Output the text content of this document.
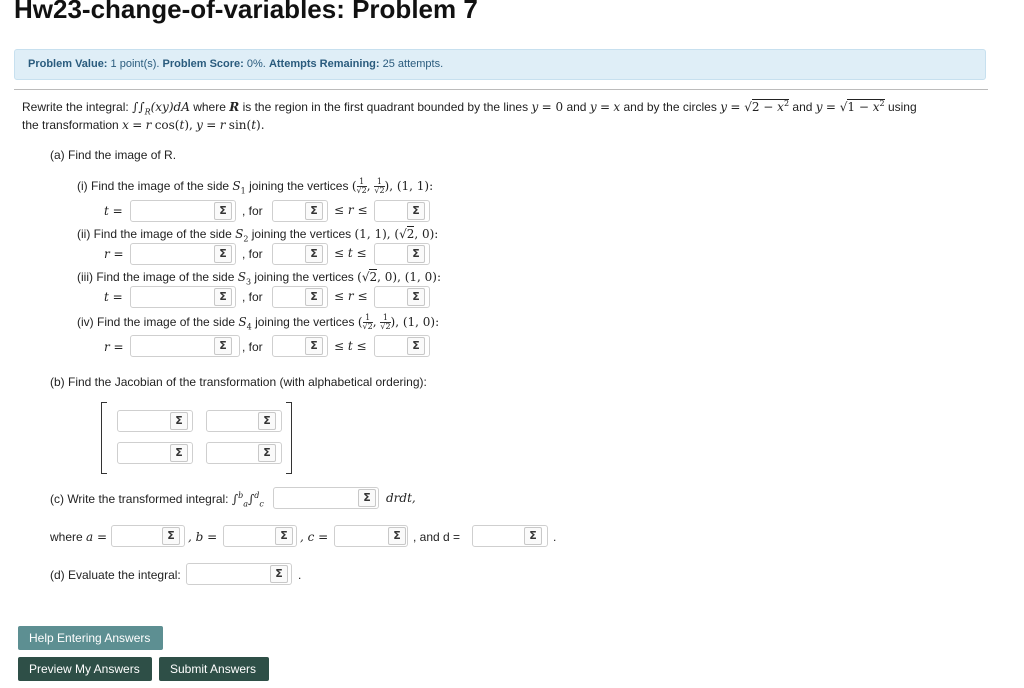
Hw23-change-of-variables: Problem 7
Problem Value: 1 point(s). Problem Score: 0%. Attempts Remaining: 25 attempts.
Rewrite the integral: $\int\int_R(xy)dA$ where R is the region in the first quadrant bounded by the lines y = 0 and y = x and by the circles $y = √2 - x^2$ and $y = √1 - x^2$ using
the transformation x = r cos(t), y = r sin(t).
(a) Find the image of R.
(i) Find the image of the side $S_1$ joining the vertices ( $\frac{1}{√2}$ , $\frac{1}{√2}$ ), (1, 1):
t =	Σ	, for	Σ	≤ r ≤	Σ
(ii) Find the image of the side $S_2$ joining the vertices (1, 1), (√2, 0):
r =	Σ	, for	Σ	≤ t ≤	Σ
(iii) Find the image of the side $S_3$ joining the vertices (√2, 0), (1, 0):
t =	Σ	, for	Σ	≤ r ≤	Σ
(iv) Find the image of the side $S_4$ joining the vertices ( $\frac{1}{√2}$ , $\frac{1}{√2}$ ), (1, 0):
r =	Σ	, for	Σ	≤ t ≤	Σ
(b) Find the Jacobian of the transformation (with alphabetical ordering):
Σ	Σ
Σ	Σ
(c) Write the transformed integral: ∫$^b_a$∫$^d_c$	Σ	drdt,
where a =	Σ	, b =	Σ	, c =	Σ	, and d =	Σ	.
(d) Evaluate the integral:	Σ	.
Help Entering Answers
Preview My Answers	Submit Answers
